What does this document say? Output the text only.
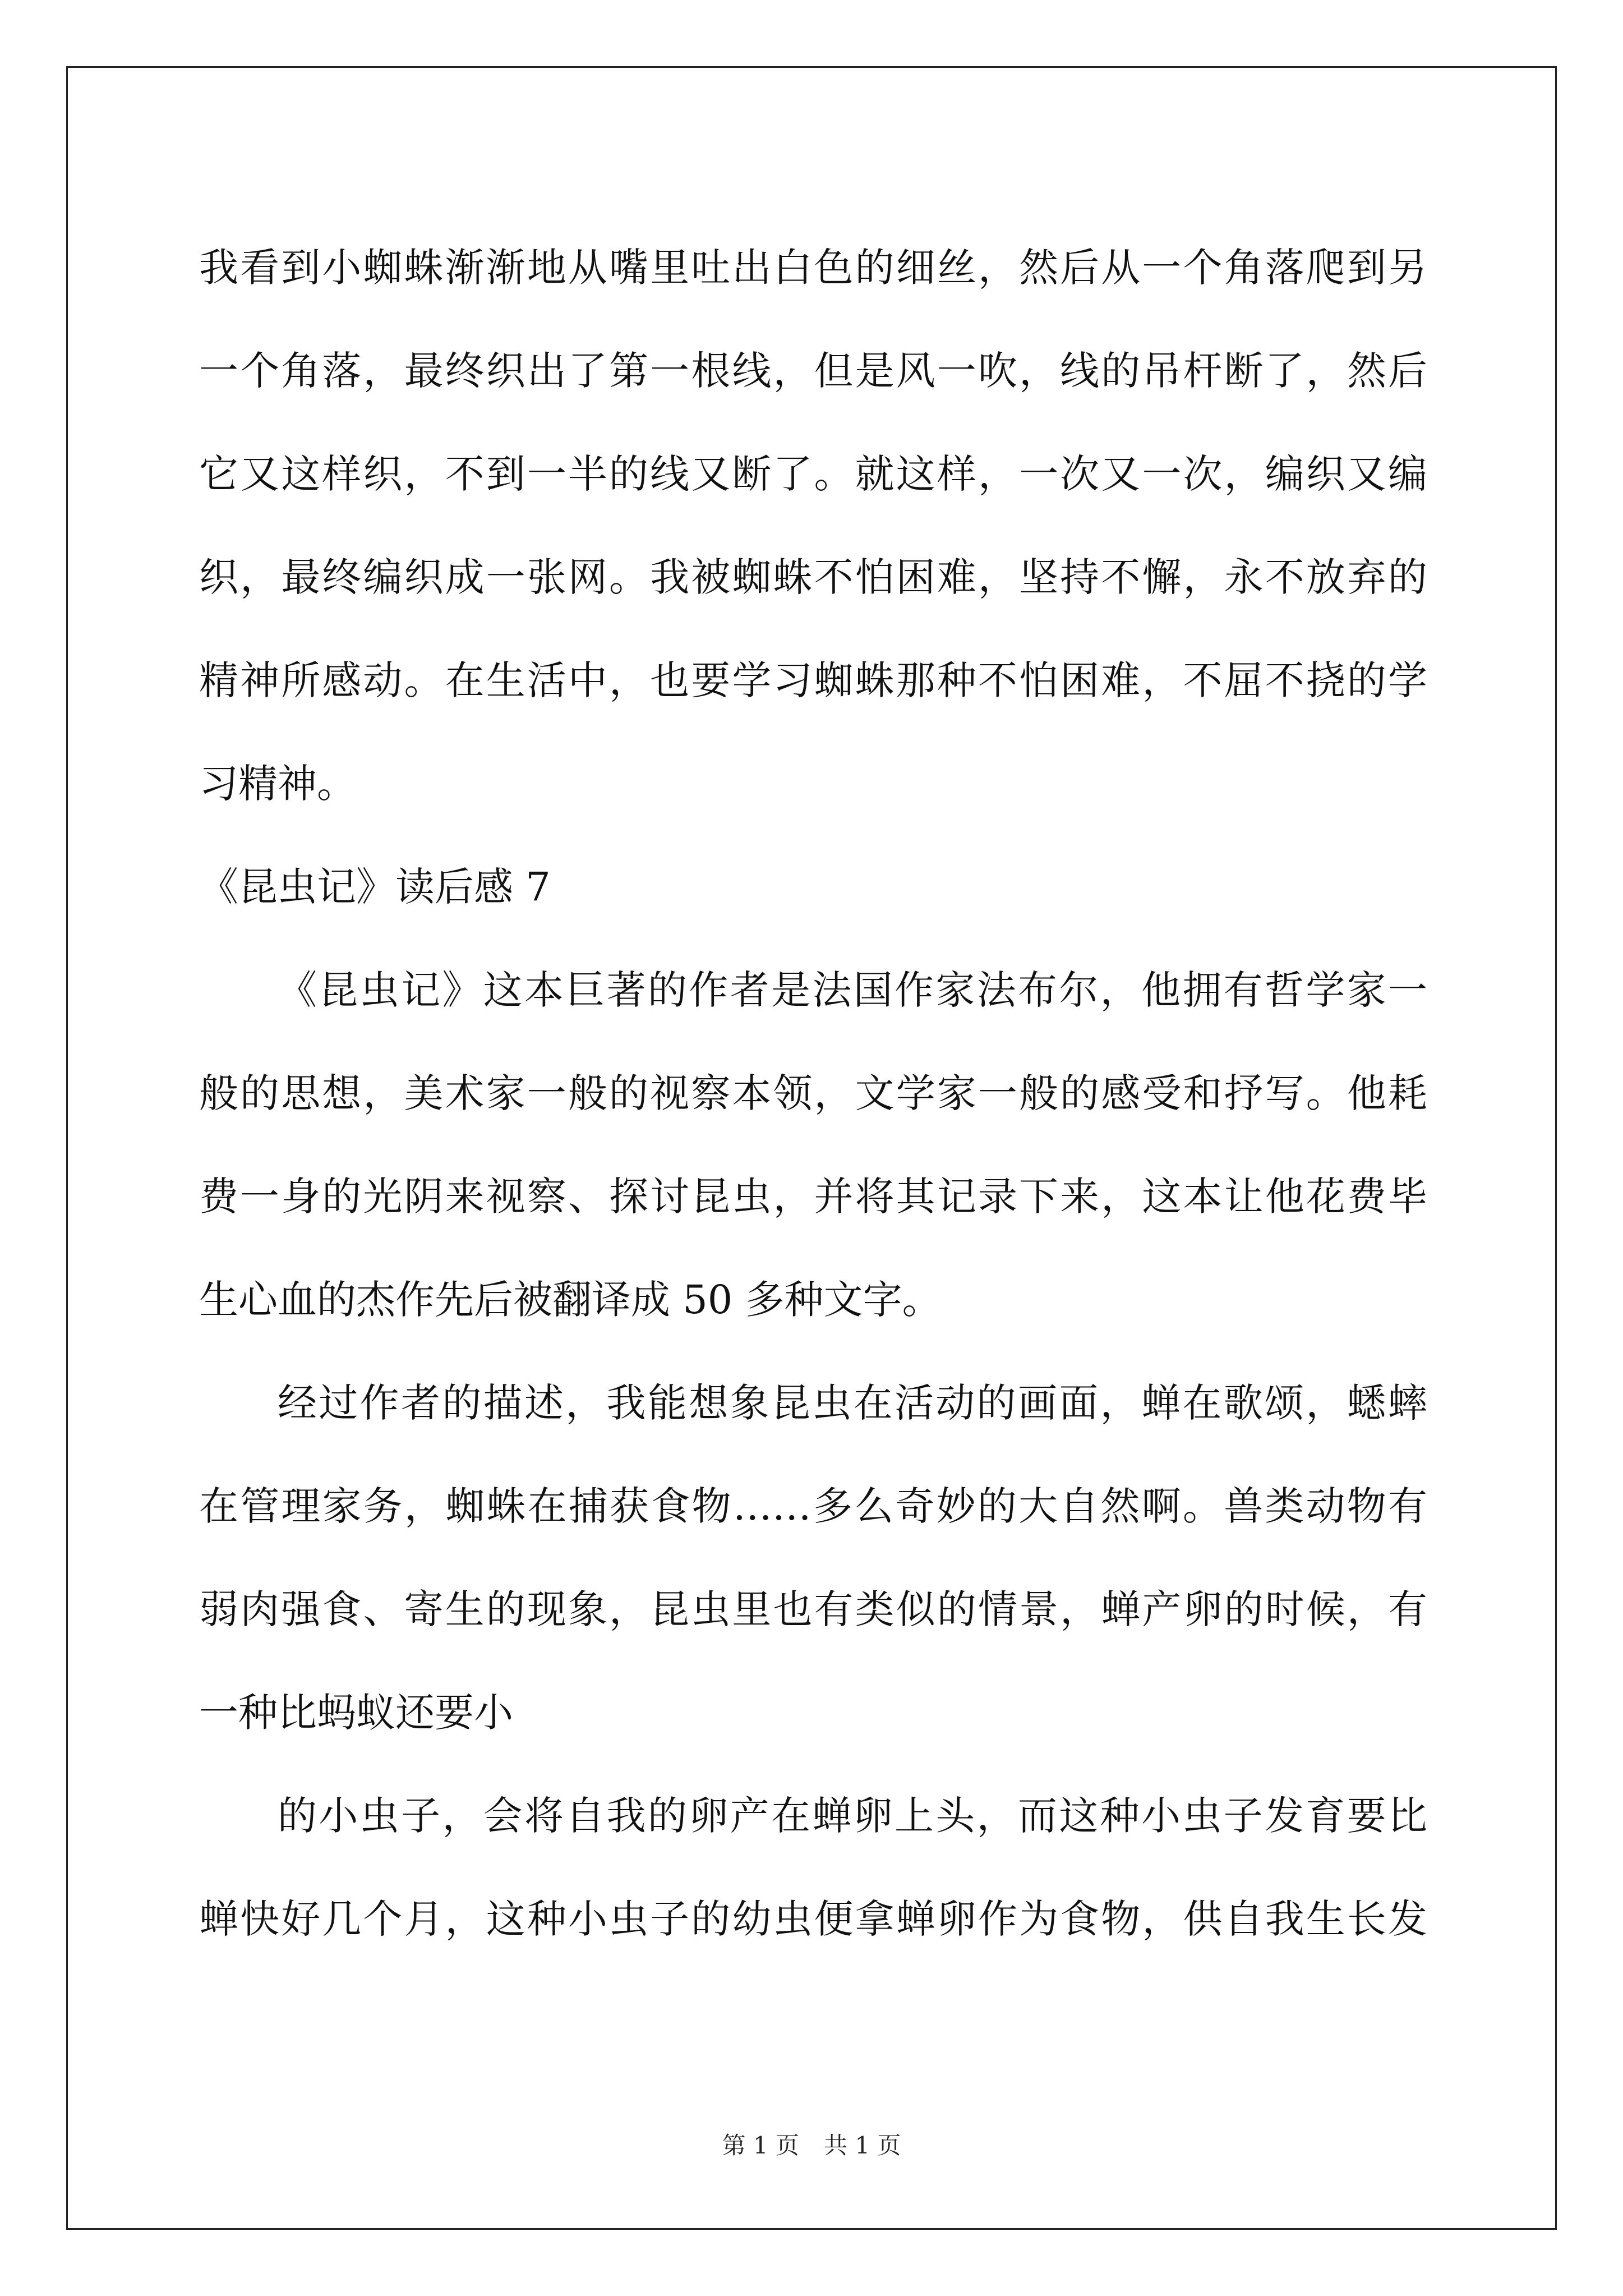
我看到小蜘蛛渐渐地从嘴里吐出白色的细丝，然后从一个角落爬到另
一个角落，最终织出了第一根线，但是风一吹，线的吊杆断了，然后
它又这样织，不到一半的线又断了。就这样，一次又一次，编织又编
织，最终编织成一张网。我被蜘蛛不怕困难，坚持不懈，永不放弃的
精神所感动。在生活中，也要学习蜘蛛那种不怕困难，不屈不挠的学
习精神。
《昆虫记》读后感 7
《昆虫记》这本巨著的作者是法国作家法布尔，他拥有哲学家一
般的思想，美术家一般的视察本领，文学家一般的感受和抒写。他耗
费一身的光阴来视察、探讨昆虫，并将其记录下来，这本让他花费毕
生心血的杰作先后被翻译成 50 多种文字。
经过作者的描述，我能想象昆虫在活动的画面，蝉在歌颂，蟋蟀
在管理家务，蜘蛛在捕获食物……多么奇妙的大自然啊。兽类动物有
弱肉强食、寄生的现象，昆虫里也有类似的情景，蝉产卵的时候，有
一种比蚂蚁还要小
的小虫子，会将自我的卵产在蝉卵上头，而这种小虫子发育要比
蝉快好几个月，这种小虫子的幼虫便拿蝉卵作为食物，供自我生长发
第 1 页 共 1 页
